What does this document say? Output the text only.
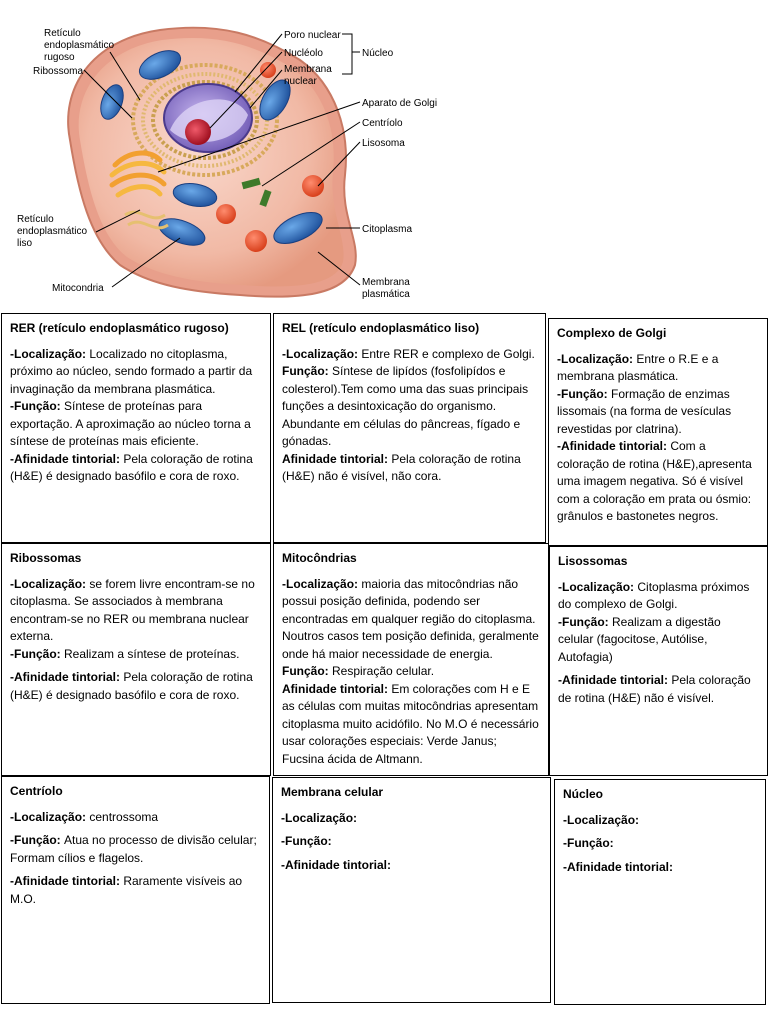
Retículo endoplasmático rugoso
Ribossoma
Poro nuclear
Nucléolo
Membrana nuclear
Núcleo
Aparato de Golgi
Centríolo
Lisosoma
Retículo endoplasmático liso
Citoplasma
Mitocondria
Membrana plasmática
RER (retículo endoplasmático rugoso)

-Localização: Localizado no citoplasma, próximo ao núcleo, sendo formado a partir da invaginação da membrana plasmática.
-Função: Síntese de proteínas para exportação. A aproximação ao núcleo torna a síntese de proteínas mais eficiente.
-Afinidade tintorial: Pela coloração de rotina (H&E) é designado basófilo e cora de roxo.

REL (retículo endoplasmático liso)

-Localização: Entre RER e complexo de Golgi.
Função: Síntese de lipídos (fosfolipídos e colesterol).Tem como uma das suas principais funções a desintoxicação do organismo. Abundante em células do pâncreas, fígado e gónadas.
Afinidade tintorial: Pela coloração de rotina (H&E) não é visível, não cora.

Complexo de Golgi

-Localização: Entre o R.E e a membrana plasmática.
-Função: Formação de enzimas lissomais (na forma de vesículas revestidas por clatrina).
-Afinidade tintorial: Com a coloração de rotina (H&E),apresenta uma imagem negativa. Só é visível com a coloração em prata ou ósmio: grânulos e bastonetes negros.

Ribossomas

-Localização: se forem livre encontram-se no citoplasma. Se associados à membrana encontram-se no RER ou membrana nuclear externa.
-Função: Realizam a síntese de proteínas.

-Afinidade tintorial: Pela coloração de rotina (H&E) é designado basófilo e cora de roxo.

Mitocôndrias

-Localização: maioria das mitocôndrias não possui posição definida, podendo ser encontradas em qualquer região do citoplasma. Noutros casos tem posição definida, geralmente onde há maior necessidade de energia.
Função: Respiração celular.
Afinidade tintorial: Em colorações com H e E as células com muitas mitocôndrias apresentam citoplasma muito acidófilo. No M.O é necessário usar colorações especiais: Verde Janus; Fucsina ácida de Altmann.

Lisossomas

-Localização: Citoplasma próximos do complexo de Golgi.
-Função: Realizam a digestão celular (fagocitose, Autólise, Autofagia)

-Afinidade tintorial: Pela coloração de rotina (H&E) não é visível.

Centríolo

-Localização: centrossoma

-Função: Atua no processo de divisão celular; Formam cílios e flagelos.

-Afinidade tintorial: Raramente visíveis ao M.O.

Membrana celular

-Localização:

-Função:

-Afinidade tintorial:

Núcleo

-Localização:

-Função:

-Afinidade tintorial:
